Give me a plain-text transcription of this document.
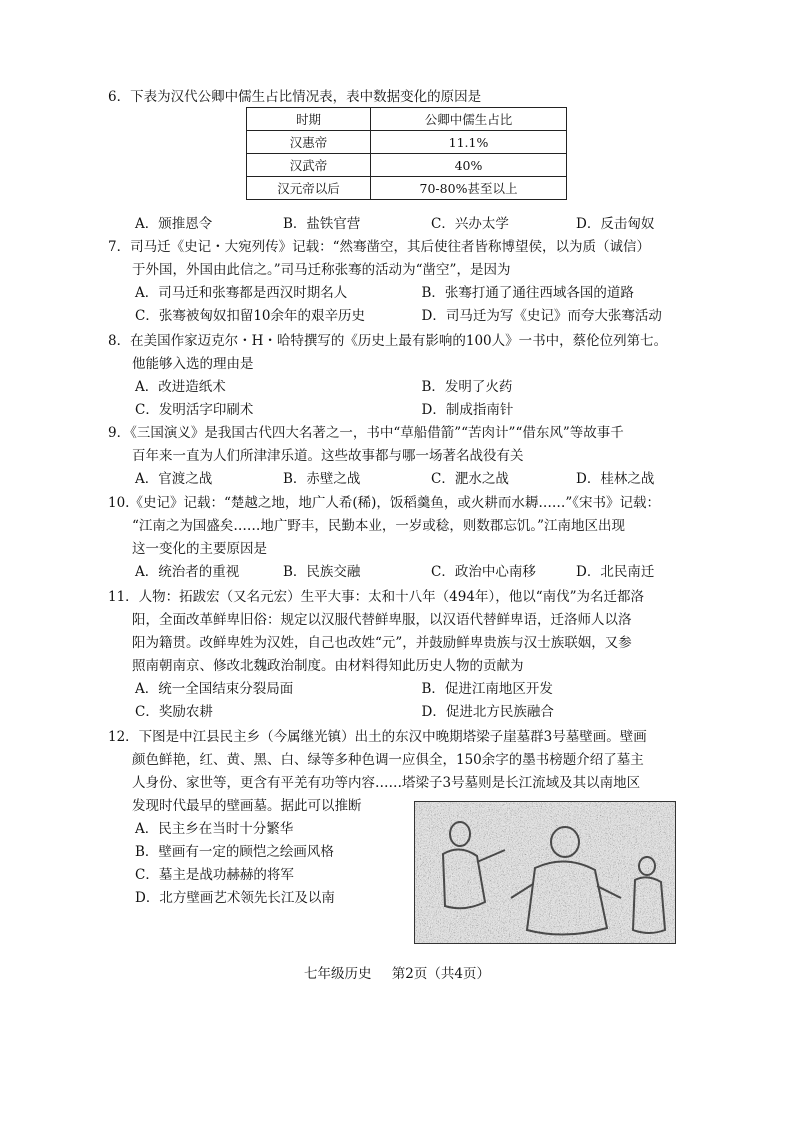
6．下表为汉代公卿中儒生占比情况表，表中数据变化的原因是
时期	公卿中儒生占比
汉惠帝	11.1%
汉武帝	40%
汉元帝以后	70-80%甚至以上
A．颁推恩令	B．盐铁官营	C．兴办太学	D．反击匈奴
7．司马迁《史记・大宛列传》记载：“然骞凿空，其后使往者皆称博望侯，以为质（诚信）
于外国，外国由此信之。”司马迁称张骞的活动为“凿空”，是因为
A．司马迁和张骞都是西汉时期名人	B．张骞打通了通往西域各国的道路
C．张骞被匈奴扣留10余年的艰辛历史	D．司马迁为写《史记》而夸大张骞活动
8．在美国作家迈克尔・H・哈特撰写的《历史上最有影响的100人》一书中，蔡伦位列第七。
他能够入选的理由是
A．改进造纸术	B．发明了火药
C．发明活字印刷术	D．制成指南针
9．《三国演义》是我国古代四大名著之一，书中“草船借箭”“苦肉计”“借东风”等故事千
百年来一直为人们所津津乐道。这些故事都与哪一场著名战役有关
A．官渡之战	B．赤壁之战	C．淝水之战	D．桂林之战
10.《史记》记载：“楚越之地，地广人希(稀)，饭稻羹鱼，或火耕而水耨……”《宋书》记载：
“江南之为国盛矣……地广野丰，民勤本业，一岁或稔，则数郡忘饥。”江南地区出现
这一变化的主要原因是
A．统治者的重视	B．民族交融	C．政治中心南移	D．北民南迁
11．人物：拓跋宏（又名元宏）生平大事：太和十八年（494年），他以“南伐”为名迁都洛
阳，全面改革鲜卑旧俗：规定以汉服代替鲜卑服，以汉语代替鲜卑语，迁洛师人以洛
阳为籍贯。改鲜卑姓为汉姓，自己也改姓“元”，并鼓励鲜卑贵族与汉士族联姻，又参
照南朝南京、修改北魏政治制度。由材料得知此历史人物的贡献为
A．统一全国结束分裂局面	B．促进江南地区开发
C．奖励农耕	D．促进北方民族融合
12．下图是中江县民主乡（今属继光镇）出土的东汉中晚期塔梁子崖墓群3号墓壁画。壁画
颜色鲜艳，红、黄、黑、白、绿等多种色调一应俱全，150余字的墨书榜题介绍了墓主
人身份、家世等，更含有平羌有功等内容……塔梁子3号墓则是长江流域及其以南地区
发现时代最早的壁画墓。据此可以推断
A．民主乡在当时十分繁华
B．壁画有一定的顾恺之绘画风格
C．墓主是战功赫赫的将军
D．北方壁画艺术领先长江及以南
七年级历史 第2页（共4页）
